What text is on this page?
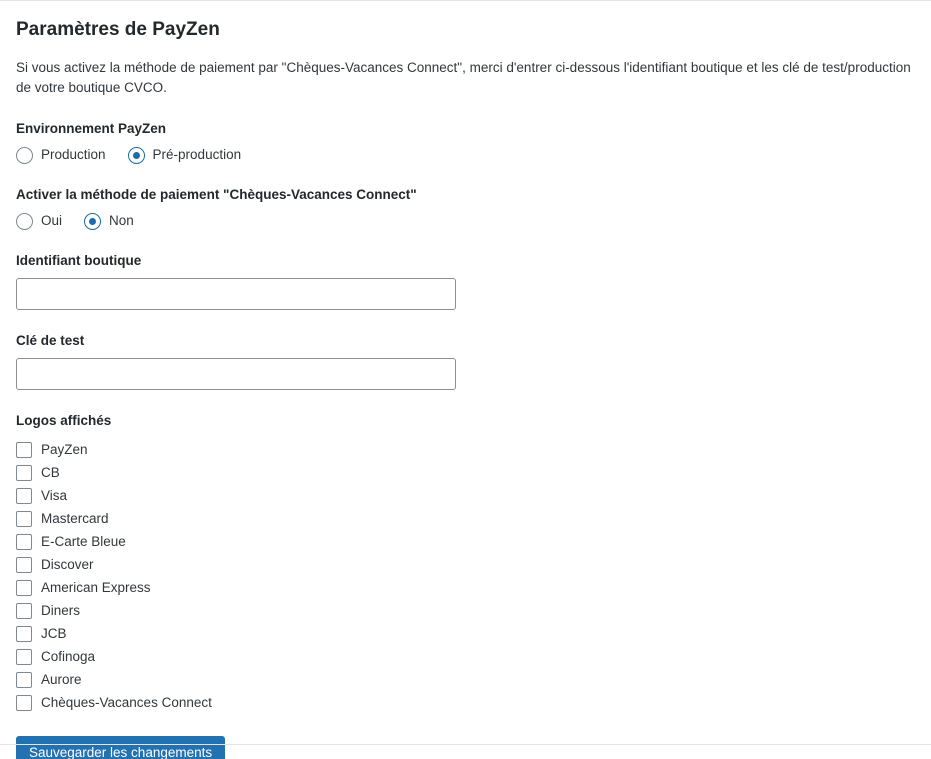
Paramètres de PayZen

Si vous activez la méthode de paiement par "Chèques-Vacances Connect", merci d'entrer ci-dessous l'identifiant boutique et les clé de test/production de votre boutique CVCO.

Environnement PayZen
Production	Pré-production
Activer la méthode de paiement "Chèques-Vacances Connect"
Oui	Non
Identifiant boutique
Clé de test
Logos affichés
PayZen
CB
Visa
Mastercard
E-Carte Bleue
Discover
American Express
Diners
JCB
Cofinoga
Aurore
Chèques-Vacances Connect
Sauvegarder les changements
